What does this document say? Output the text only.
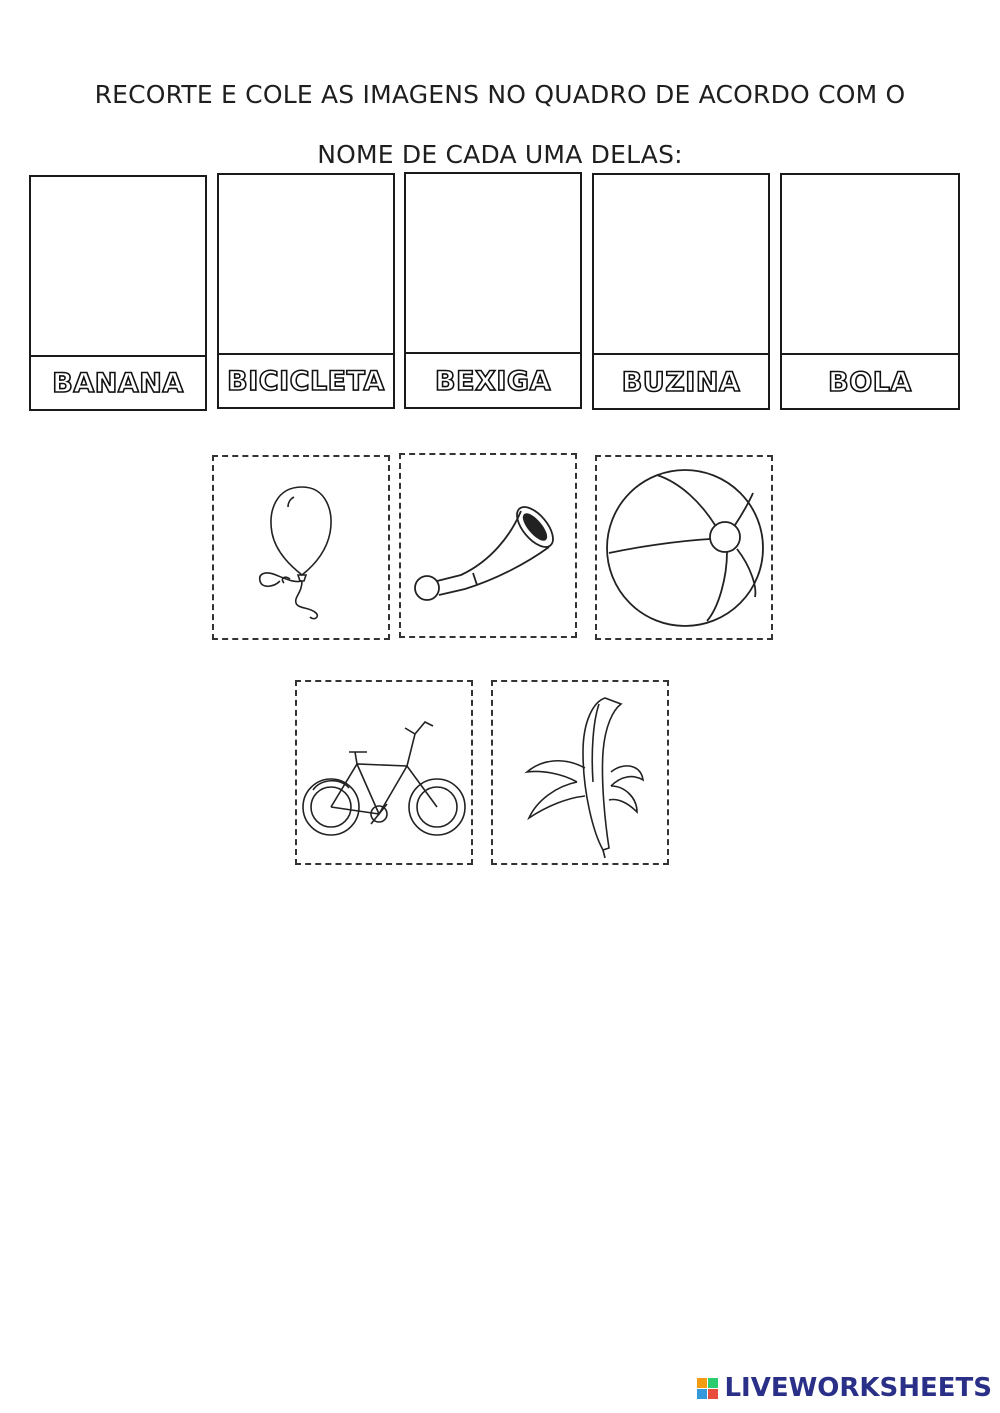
RECORTE E COLE AS IMAGENS NO QUADRO DE ACORDO COM O
NOME DE CADA UMA DELAS:
BANANA	BICICLETA	BEXIGA	BUZINA	BOLA
LIVEWORKSHEETS
